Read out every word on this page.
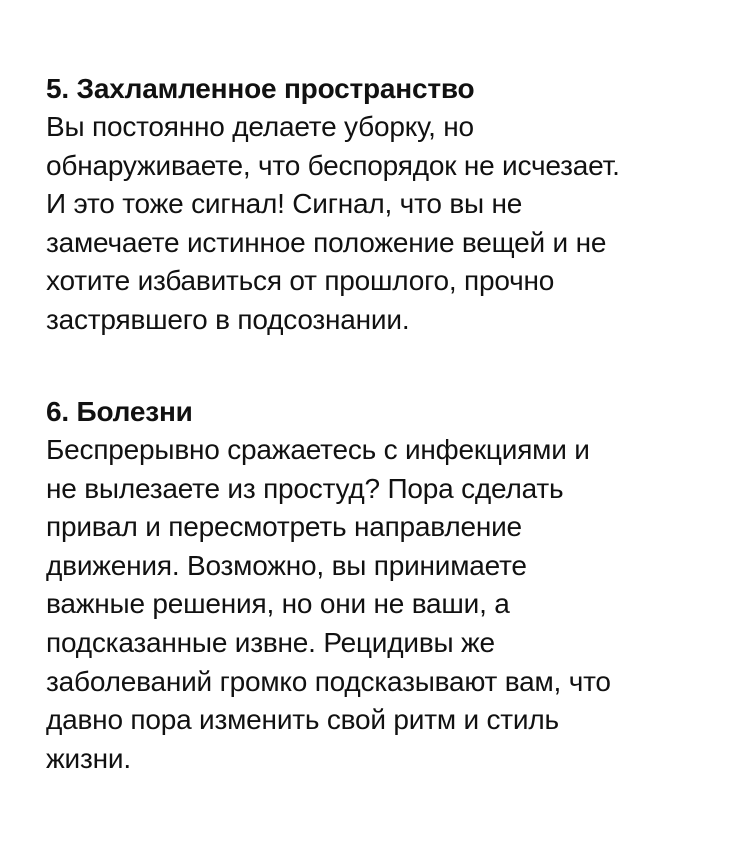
5. Захламленное пространство

Вы постоянно делаете уборку, но

обнаруживаете, что беспорядок не исчезает.

И это тоже сигнал! Сигнал, что вы не

замечаете истинное положение вещей и не

хотите избавиться от прошлого, прочно

застрявшего в подсознании.

6. Болезни

Беспрерывно сражаетесь с инфекциями и

не вылезаете из простуд? Пора сделать

привал и пересмотреть направление

движения. Возможно, вы принимаете

важные решения, но они не ваши, а

подсказанные извне. Рецидивы же

заболеваний громко подсказывают вам, что

давно пора изменить свой ритм и стиль

жизни.
